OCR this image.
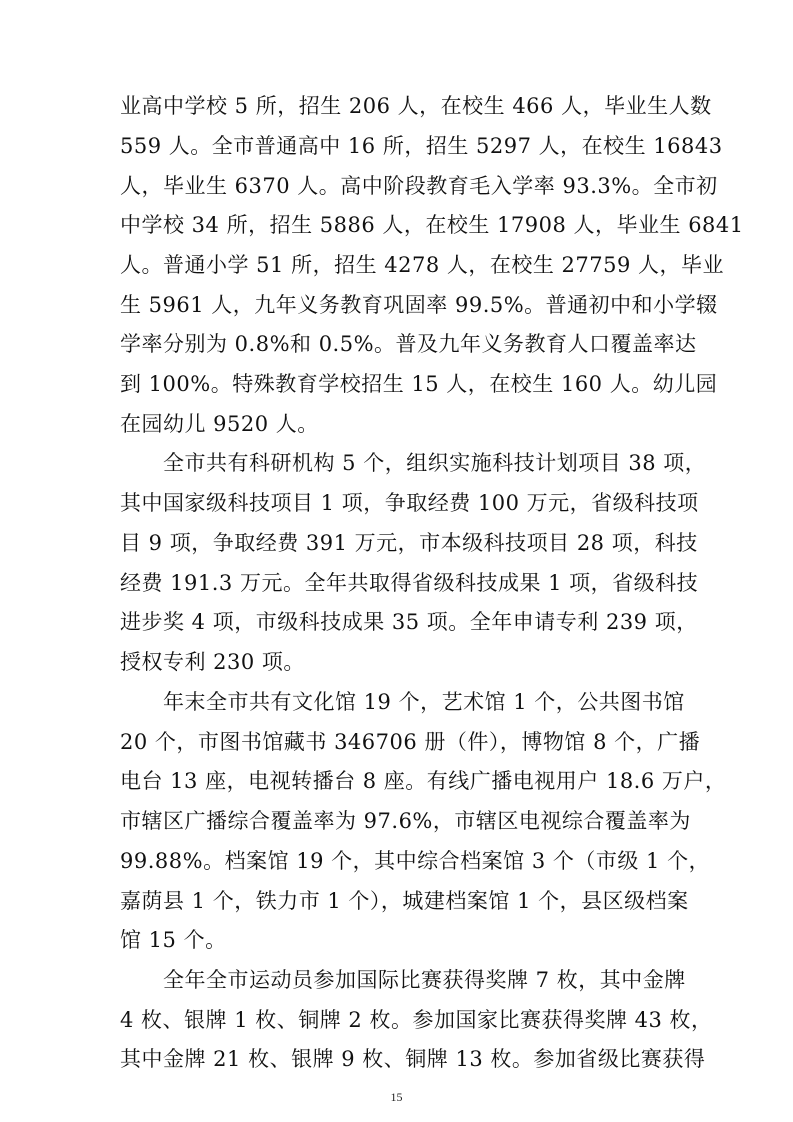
业高中学校 5 所，招生 206 人，在校生 466 人，毕业生人数
559 人。全市普通高中 16 所，招生 5297 人，在校生 16843
人，毕业生 6370 人。高中阶段教育毛入学率 93.3%。全市初
中学校 34 所，招生 5886 人，在校生 17908 人，毕业生 6841
人。普通小学 51 所，招生 4278 人，在校生 27759 人，毕业
生 5961 人，九年义务教育巩固率 99.5%。普通初中和小学辍
学率分别为 0.8%和 0.5%。普及九年义务教育人口覆盖率达
到 100%。特殊教育学校招生 15 人，在校生 160 人。幼儿园
在园幼儿 9520 人。
全市共有科研机构 5 个，组织实施科技计划项目 38 项，
其中国家级科技项目 1 项，争取经费 100 万元，省级科技项
目 9 项，争取经费 391 万元，市本级科技项目 28 项，科技
经费 191.3 万元。全年共取得省级科技成果 1 项，省级科技
进步奖 4 项，市级科技成果 35 项。全年申请专利 239 项，
授权专利 230 项。
年末全市共有文化馆 19 个，艺术馆 1 个，公共图书馆
20 个，市图书馆藏书 346706 册（件），博物馆 8 个，广播
电台 13 座，电视转播台 8 座。有线广播电视用户 18.6 万户，
市辖区广播综合覆盖率为 97.6%，市辖区电视综合覆盖率为
99.88%。档案馆 19 个，其中综合档案馆 3 个（市级 1 个，
嘉荫县 1 个，铁力市 1 个），城建档案馆 1 个，县区级档案
馆 15 个。
全年全市运动员参加国际比赛获得奖牌 7 枚，其中金牌
4 枚、银牌 1 枚、铜牌 2 枚。参加国家比赛获得奖牌 43 枚，
其中金牌 21 枚、银牌 9 枚、铜牌 13 枚。参加省级比赛获得
15
